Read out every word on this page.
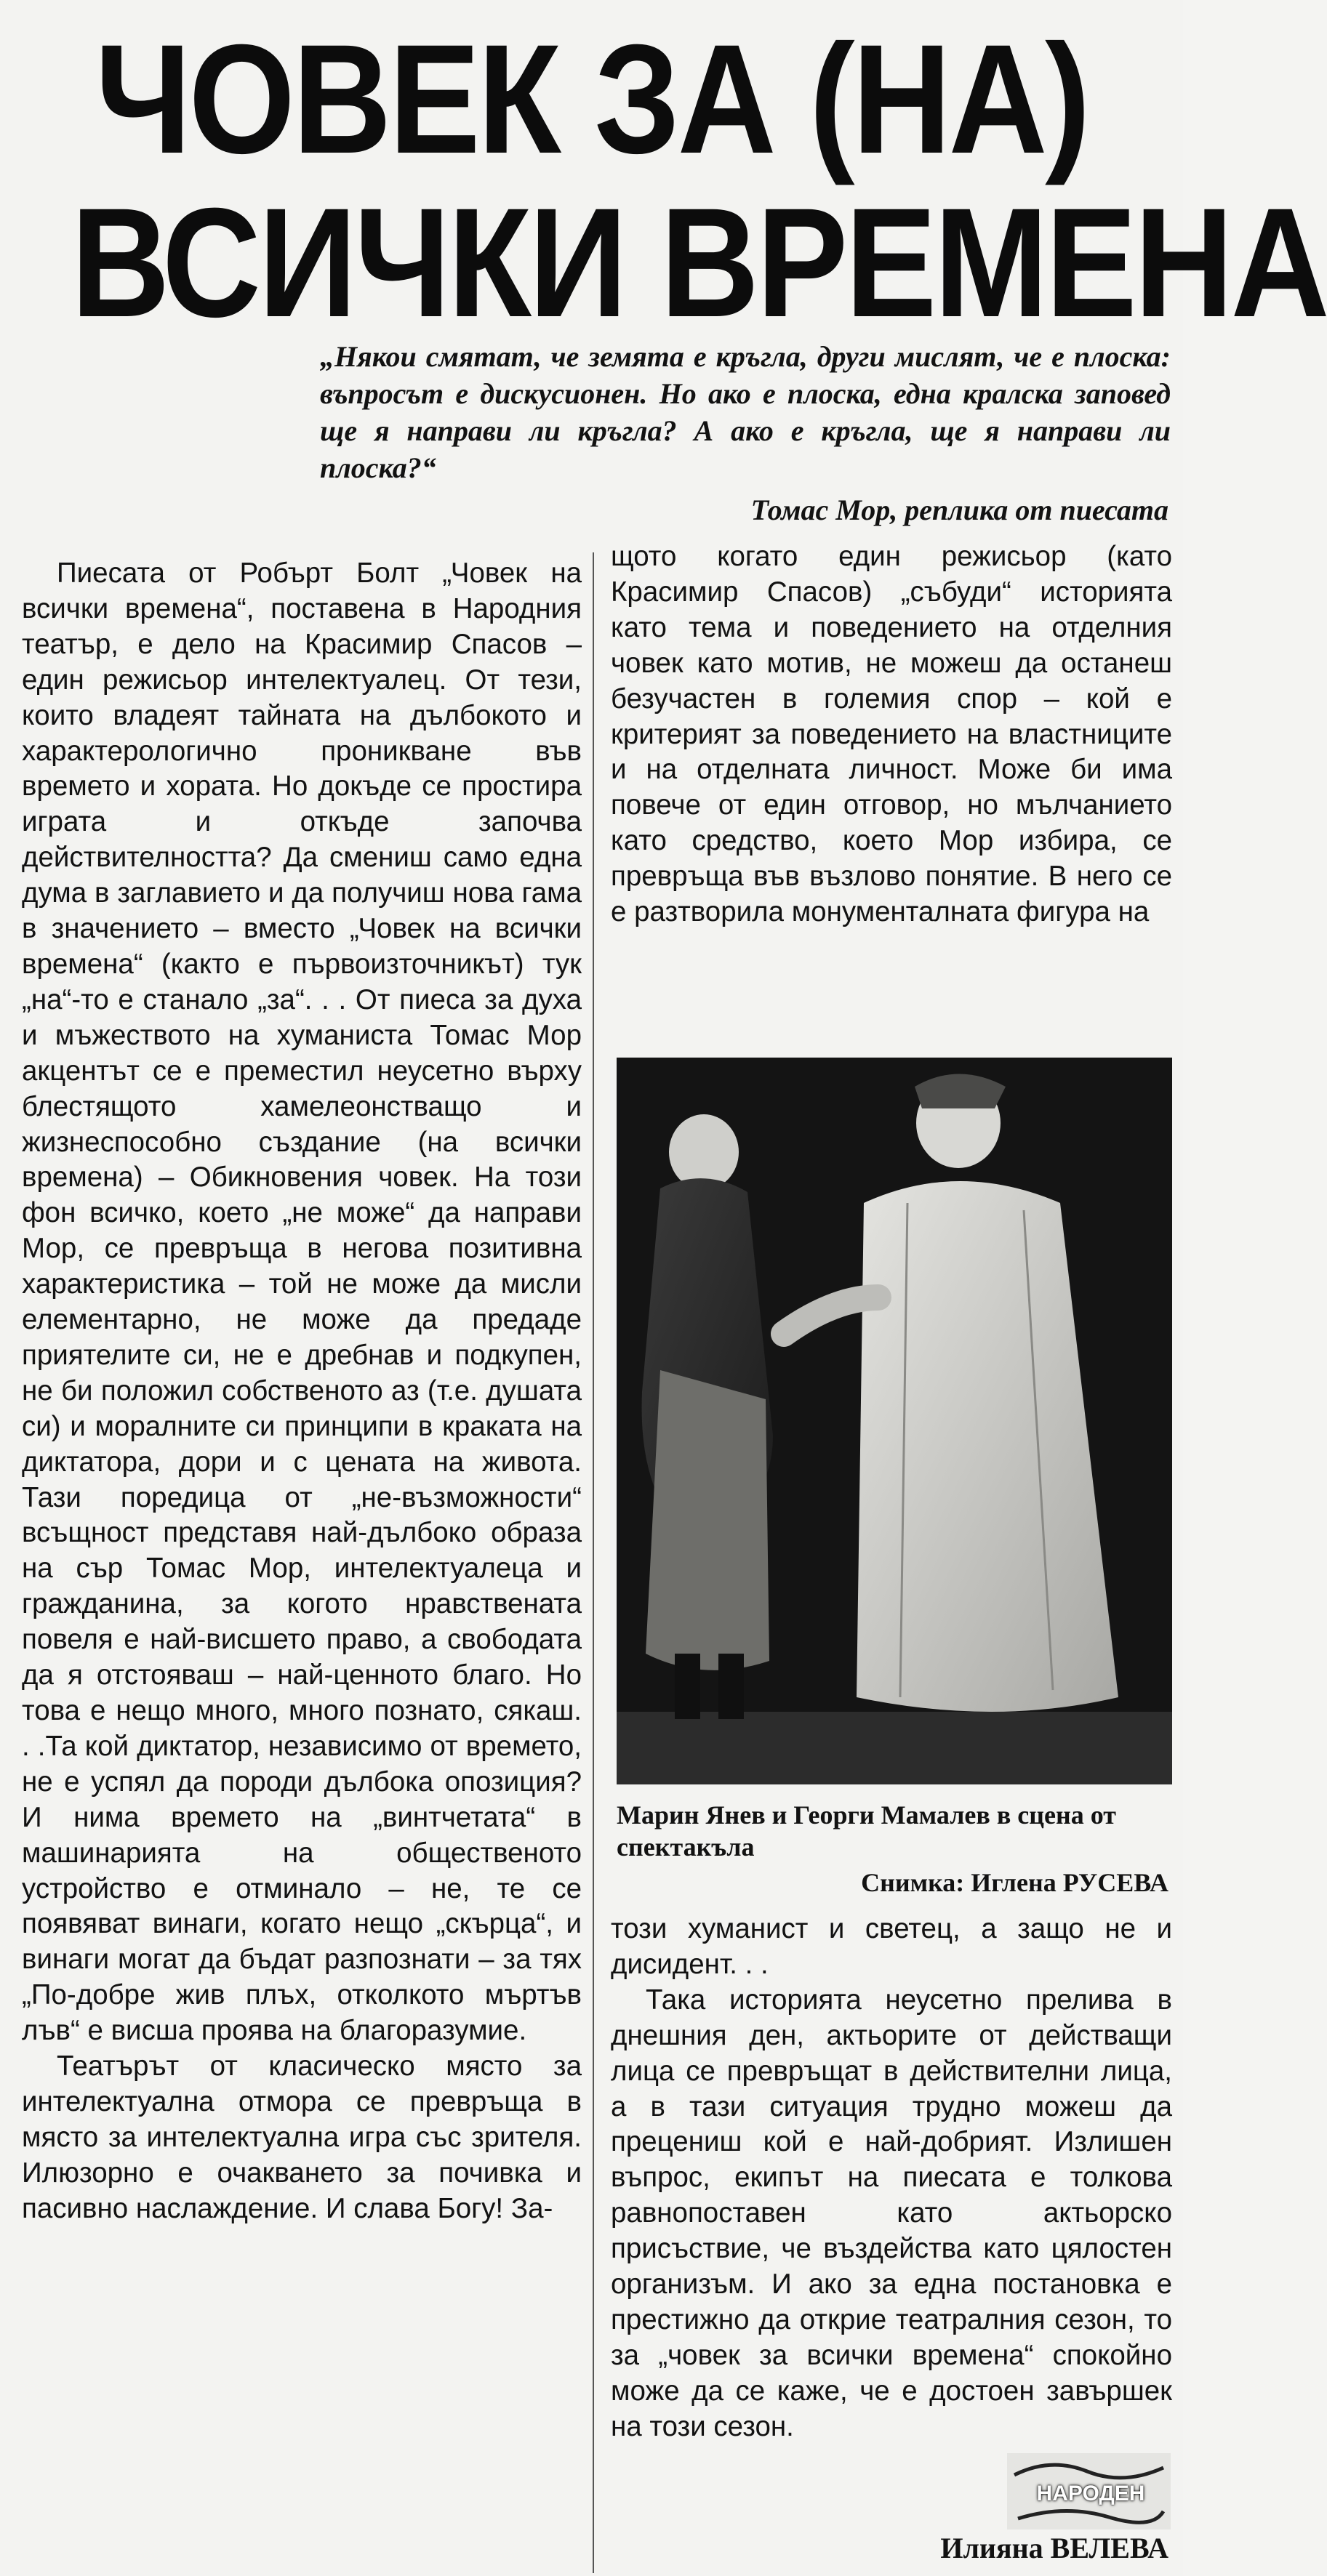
ЧОВЕК ЗА (НА)
ВСИЧКИ ВРЕМЕНА

„Някои смятат, че земята е кръгла, други мислят, че е плоска: въпросът е дискусионен. Но ако е плоска, една кралска заповед ще я направи ли кръгла? А ако е кръгла, ще я направи ли плоска?“

Томас Мор, реплика от пиесата

Пиесата от Робърт Болт „Човек на всички времена“, поставена в Народния театър, е дело на Красимир Спасов – един режисьор интелектуалец. От тези, които владеят тайната на дълбокото и характерологично проникване във времето и хората. Но докъде се простира играта и откъде започва действителността? Да смениш само една дума в заглавието и да получиш нова гама в значението – вместо „Човек на всички времена“ (както е първоизточникът) тук „на“-то е станало „за“. . . От пиеса за духа и мъжеството на хуманиста Томас Мор акцентът се е преместил неусетно върху блестящото хамелеонстващо и жизнеспособно създание (на всички времена) – Обикновения човек. На този фон всичко, което „не може“ да направи Мор, се превръща в негова позитивна характеристика – той не може да мисли елементарно, не може да предаде приятелите си, не е дребнав и подкупен, не би положил собственото аз (т.е. душата си) и моралните си принципи в краката на диктатора, дори и с цената на живота. Тази поредица от „не-възможности“ всъщност представя най-дълбоко образа на сър Томас Мор, интелектуалеца и гражданина, за когото нравствената повеля е най-висшето право, а свободата да я отстояваш – най-ценното благо. Но това е нещо много, много познато, сякаш. . .Та кой диктатор, независимо от времето, не е успял да породи дълбока опозиция? И нима времето на „винтчетата“ в машинарията на общественото устройство е отминало – не, те се появяват винаги, когато нещо „скърца“, и винаги могат да бъдат разпознати – за тях „По-добре жив плъх, отколкото мъртъв лъв“ е висша проява на благоразумие.

Театърът от класическо място за интелектуална отмора се превръща в място за интелектуална игра със зрителя. Илюзорно е очакването за почивка и пасивно наслаждение. И слава Богу! За-

щото когато един режисьор (като Красимир Спасов) „събуди“ историята като тема и поведението на отделния човек като мотив, не можеш да останеш безучастен в големия спор – кой е критерият за поведението на властниците и на отделната личност. Може би има повече от един отговор, но мълчанието като средство, което Мор избира, се превръща във възлово понятие. В него се е разтворила монументалната фигура на

Марин Янев и Георги Мамалев в сцена от спектакъла

Снимка: Иглена РУСЕВА

този хуманист и светец, а защо не и дисидент. . .

Така историята неусетно прелива в днешния ден, актьорите от действащи лица се превръщат в действителни лица, а в тази ситуация трудно можеш да прецениш кой е най-добрият. Излишен въпрос, екипът на пиесата е толкова равнопоставен като актьорско присъствие, че въздейства като цялостен организъм. И ако за една постановка е престижно да открие театралния сезон, то за „човек за всички времена“ спокойно може да се каже, че е достоен завършек на този сезон.

НАРОДЕН

Илияна ВЕЛЕВА
